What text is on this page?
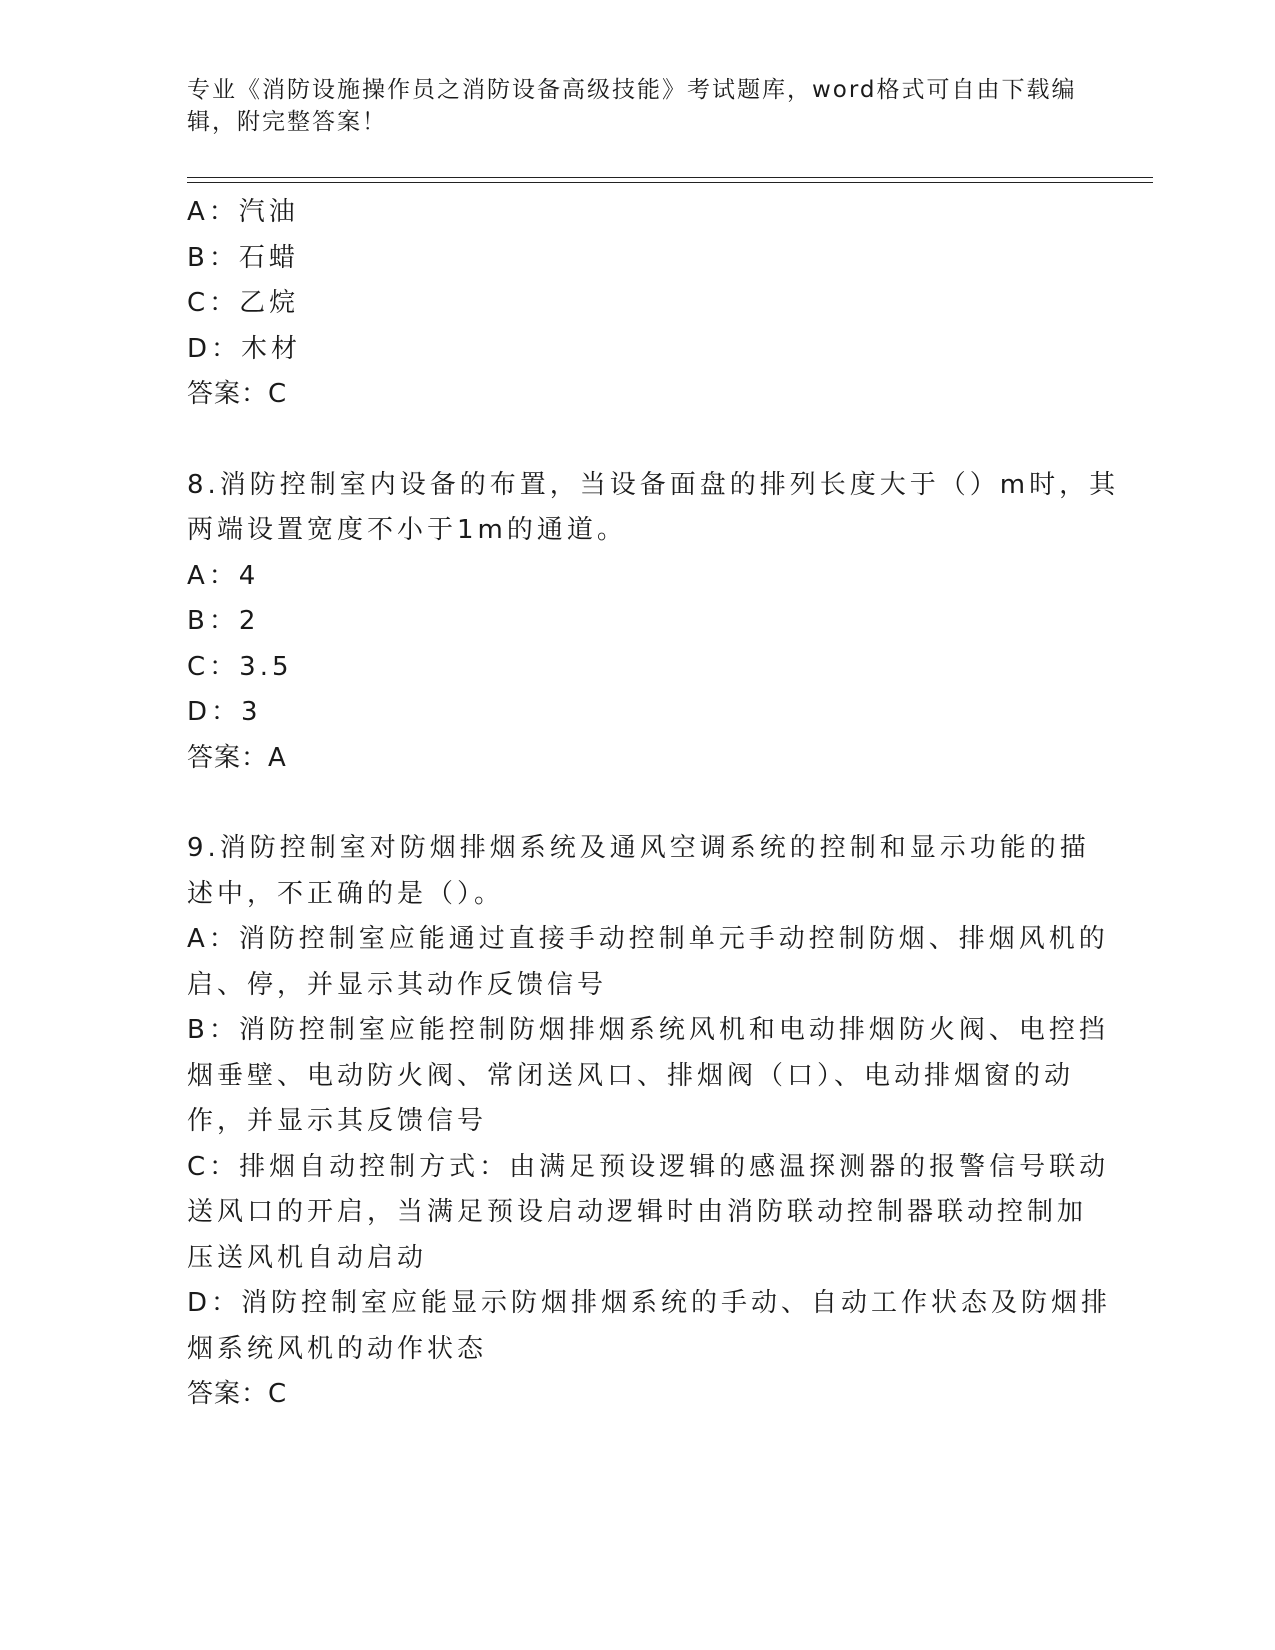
专业《消防设施操作员之消防设备高级技能》考试题库，word格式可自由下载编
辑，附完整答案！
A：汽油
B：石蜡
C：乙烷
D：木材
答案：C
8.消防控制室内设备的布置，当设备面盘的排列长度大于（）m时，其
两端设置宽度不小于1m的通道。
A：4
B：2
C：3.5
D：3
答案：A
9.消防控制室对防烟排烟系统及通风空调系统的控制和显示功能的描
述中，不正确的是（）。
A：消防控制室应能通过直接手动控制单元手动控制防烟、排烟风机的
启、停，并显示其动作反馈信号
B：消防控制室应能控制防烟排烟系统风机和电动排烟防火阀、电控挡
烟垂壁、电动防火阀、常闭送风口、排烟阀（口）、电动排烟窗的动
作，并显示其反馈信号
C：排烟自动控制方式：由满足预设逻辑的感温探测器的报警信号联动
送风口的开启，当满足预设启动逻辑时由消防联动控制器联动控制加
压送风机自动启动
D：消防控制室应能显示防烟排烟系统的手动、自动工作状态及防烟排
烟系统风机的动作状态
答案：C
